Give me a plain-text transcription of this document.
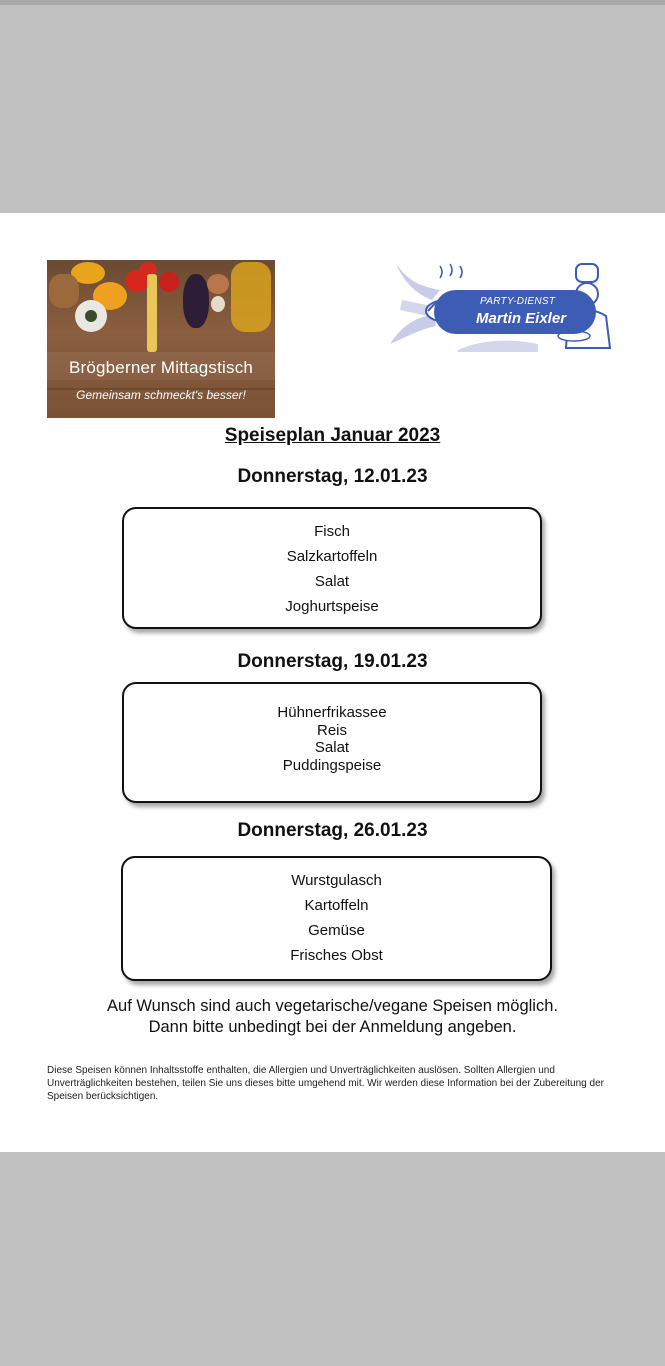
Brögberner Mittagstisch
Gemeinsam schmeckt's besser!
PARTY-DIENST
Martin Eixler
Speiseplan Januar 2023
Donnerstag, 12.01.23
Fisch
Salzkartoffeln
Salat
Joghurtspeise
Donnerstag, 19.01.23
Hühnerfrikassee
Reis
Salat
Puddingspeise
Donnerstag, 26.01.23
Wurstgulasch
Kartoffeln
Gemüse
Frisches Obst
Auf Wunsch sind auch vegetarische/vegane Speisen möglich.
Dann bitte unbedingt bei der Anmeldung angeben.
Diese Speisen können Inhaltsstoffe enthalten, die Allergien und Unverträglichkeiten auslösen. Sollten Allergien und Unverträglichkeiten bestehen, teilen Sie uns dieses bitte umgehend mit. Wir werden diese Information bei der Zubereitung der Speisen berücksichtigen.
